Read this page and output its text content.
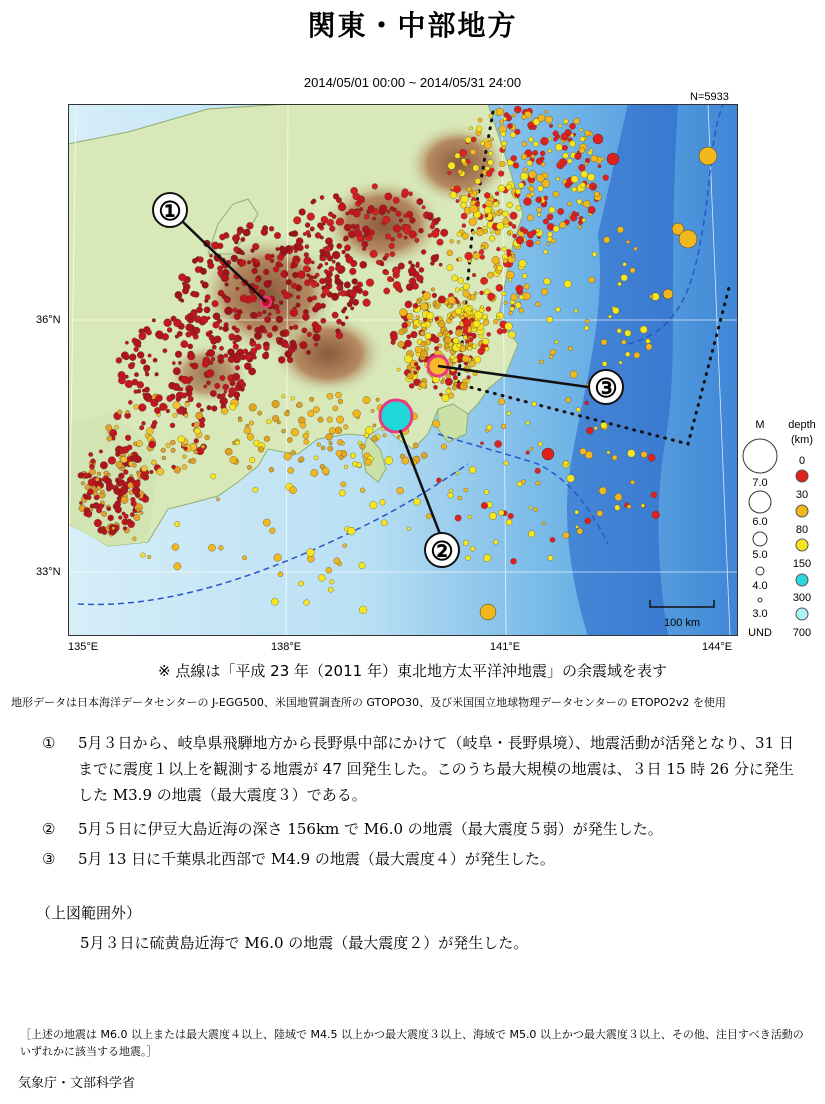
関東・中部地方
2014/05/01 00:00 ~ 2014/05/31 24:00
N=5933
①
②
③
100 km
36°N
33°N
135°E	138°E	141°E	144°E
M depth
(km)
7.0
6.0
5.0
4.0
3.0
UND
0
30
80
150
300
700
※ 点線は「平成 23 年（2011 年）東北地方太平洋沖地震」の余震域を表す
地形データは日本海洋データセンターの J-EGG500、米国地質調査所の GTOPO30、及び米国国立地球物理データセンターの ETOPO2v2 を使用
①	5月３日から、岐阜県飛騨地方から長野県中部にかけて（岐阜・長野県境）、地震活動が活発となり、31 日までに震度１以上を観測する地震が 47 回発生した。このうち最大規模の地震は、３日 15 時 26 分に発生した M3.9 の地震（最大震度３）である。
② 5月５日に伊豆大島近海の深さ 156km で M6.0 の地震（最大震度５弱）が発生した。
③ 5月 13 日に千葉県北西部で M4.9 の地震（最大震度４）が発生した。
（上図範囲外）
5月３日に硫黄島近海で M6.0 の地震（最大震度２）が発生した。
［上述の地震は M6.0 以上または最大震度４以上、陸域で M4.5 以上かつ最大震度３以上、海域で M5.0 以上かつ最大震度３以上、その他、注目すべき活動のいずれかに該当する地震。］
気象庁・文部科学省
